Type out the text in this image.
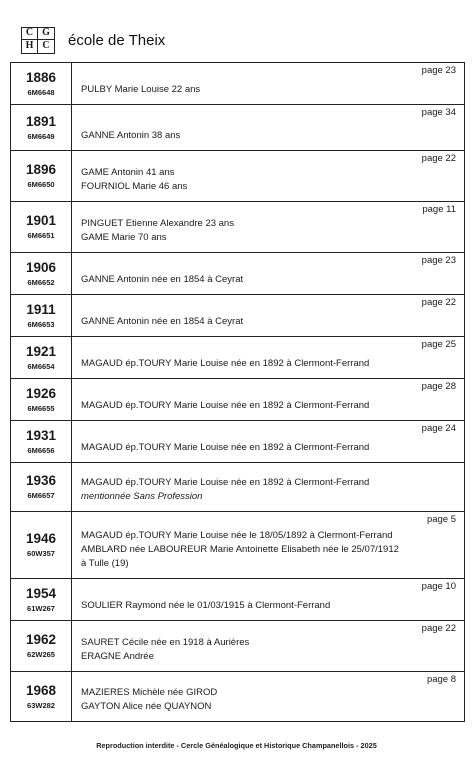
C G
H C école de Theix
1886
6M6648
page 23
PULBY Marie Louise 22 ans
1891
6M6649
page 34
GANNE Antonin 38 ans
1896
6M6650
page 22
GAME Antonin 41 ans
FOURNIOL Marie 46 ans
1901
6M6651
page 11
PINGUET Etienne Alexandre 23 ans
GAME Marie 70 ans
1906
6M6652
page 23
GANNE Antonin née en 1854 à Ceyrat
1911
6M6653
page 22
GANNE Antonin née en 1854 à Ceyrat
1921
6M6654
page 25
MAGAUD ép.TOURY Marie Louise née en 1892 à Clermont-Ferrand
1926
6M6655
page 28
MAGAUD ép.TOURY Marie Louise née en 1892 à Clermont-Ferrand
1931
6M6656
page 24
MAGAUD ép.TOURY Marie Louise née en 1892 à Clermont-Ferrand
1936
6M6657
MAGAUD ép.TOURY Marie Louise née en 1892 à Clermont-Ferrand
mentionnée Sans Profession
1946
60W357
page 5
MAGAUD ép.TOURY Marie Louise née le 18/05/1892 à Clermont-Ferrand
AMBLARD née LABOUREUR Marie Antoinette Elisabeth née le 25/07/1912
à Tulle (19)
1954
61W267
page 10
SOULIER Raymond née le 01/03/1915 à Clermont-Ferrand
1962
62W265
page 22
SAURET Cécile née en 1918 à Aurières
ERAGNE Andrée
1968
63W282
page 8
MAZIERES Michèle née GIROD
GAYTON Alice née QUAYNON
Reproduction interdite - Cercle Généalogique et Historique Champanellois - 2025
